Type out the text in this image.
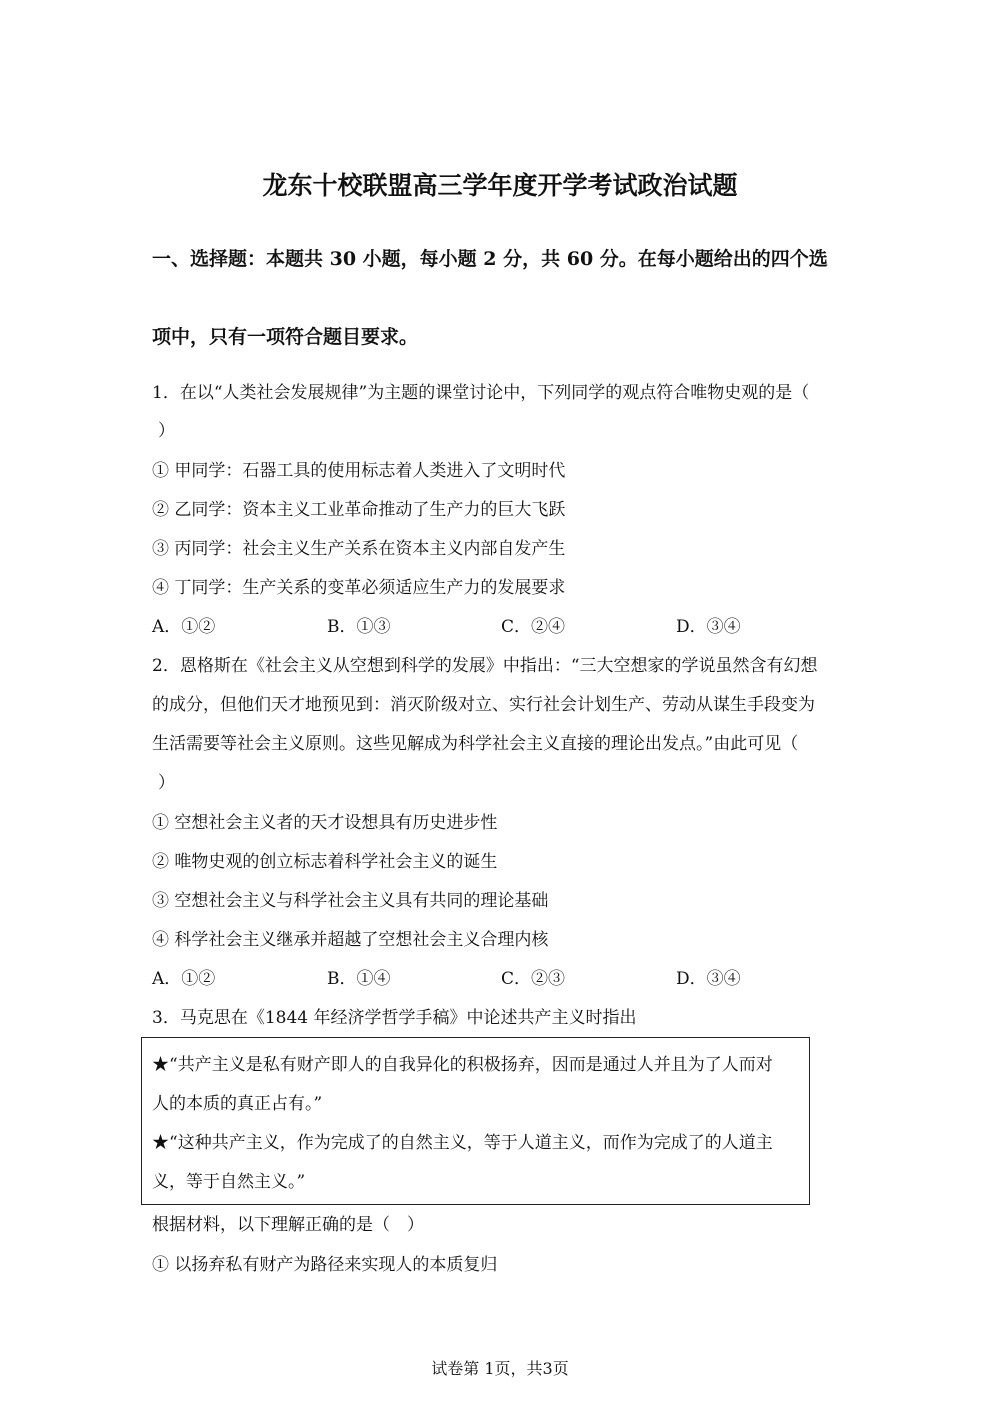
龙东十校联盟高三学年度开学考试政治试题
一、选择题：本题共 30 小题，每小题 2 分，共 60 分。在每小题给出的四个选
项中，只有一项符合题目要求。
1．在以“人类社会发展规律”为主题的课堂讨论中，下列同学的观点符合唯物史观的是（
）
① 甲同学：石器工具的使用标志着人类进入了文明时代
② 乙同学：资本主义工业革命推动了生产力的巨大飞跃
③ 丙同学：社会主义生产关系在资本主义内部自发产生
④ 丁同学：生产关系的变革必须适应生产力的发展要求
A．①②	B．①③	C．②④	D．③④
2．恩格斯在《社会主义从空想到科学的发展》中指出：“三大空想家的学说虽然含有幻想
的成分，但他们天才地预见到：消灭阶级对立、实行社会计划生产、劳动从谋生手段变为
生活需要等社会主义原则。这些见解成为科学社会主义直接的理论出发点。”由此可见（
）
① 空想社会主义者的天才设想具有历史进步性
② 唯物史观的创立标志着科学社会主义的诞生
③ 空想社会主义与科学社会主义具有共同的理论基础
④ 科学社会主义继承并超越了空想社会主义合理内核
A．①②	B．①④	C．②③	D．③④
3．马克思在《1844 年经济学哲学手稿》中论述共产主义时指出
★“共产主义是私有财产即人的自我异化的积极扬弃，因而是通过人并且为了人而对
人的本质的真正占有。”
★“这种共产主义，作为完成了的自然主义，等于人道主义，而作为完成了的人道主
义，等于自然主义。”
根据材料，以下理解正确的是（　）
① 以扬弃私有财产为路径来实现人的本质复归
试卷第 1页，共3页
